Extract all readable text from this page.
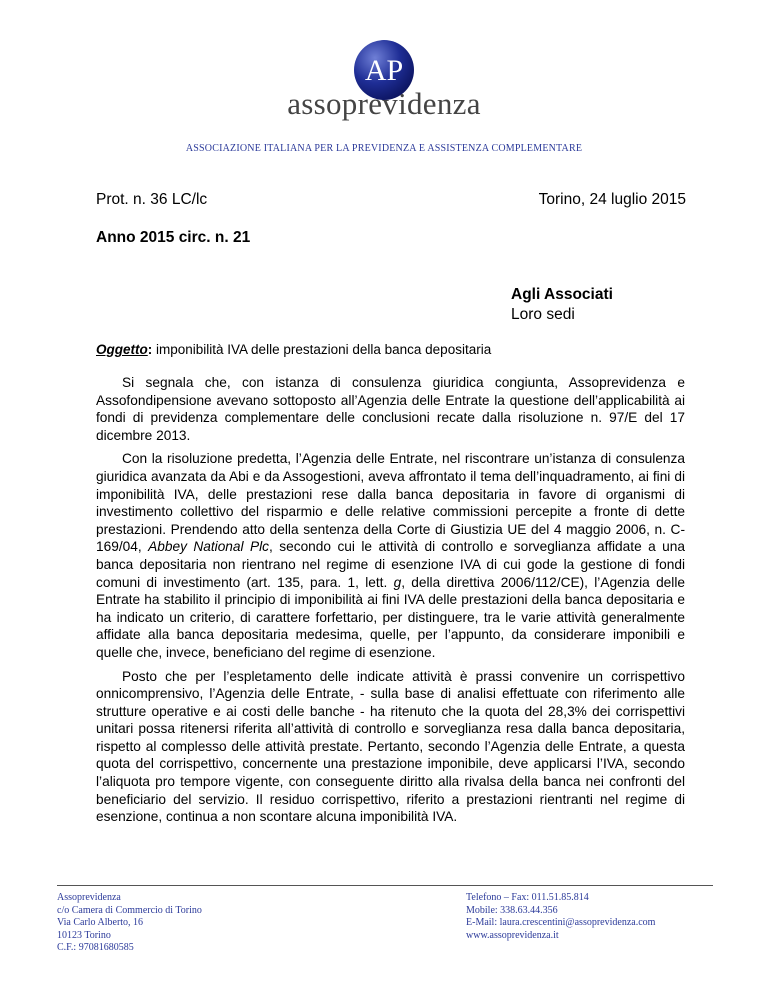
AP
assoprevidenza
ASSOCIAZIONE ITALIANA PER LA PREVIDENZA E ASSISTENZA COMPLEMENTARE
Prot. n. 36 LC/lc	Torino, 24 luglio 2015
Anno 2015 circ. n. 21
Agli Associati
Loro sedi
Oggetto: imponibilità IVA delle prestazioni della banca depositaria

Si segnala che, con istanza di consulenza giuridica congiunta, Assoprevidenza e Assofondipensione avevano sottoposto all’Agenzia delle Entrate la questione dell’applicabilità ai fondi di previdenza complementare delle conclusioni recate dalla risoluzione n. 97/E del 17 dicembre 2013.

Con la risoluzione predetta, l’Agenzia delle Entrate, nel riscontrare un’istanza di consulenza giuridica avanzata da Abi e da Assogestioni, aveva affrontato il tema dell’inquadramento, ai fini di imponibilità IVA, delle prestazioni rese dalla banca depositaria in favore di organismi di investimento collettivo del risparmio e delle relative commissioni percepite a fronte di dette prestazioni. Prendendo atto della sentenza della Corte di Giustizia UE del 4 maggio 2006, n. C-169/04, Abbey National Plc, secondo cui le attività di controllo e sorveglianza affidate a una banca depositaria non rientrano nel regime di esenzione IVA di cui gode la gestione di fondi comuni di investimento (art. 135, para. 1, lett. g, della direttiva 2006/112/CE), l’Agenzia delle Entrate ha stabilito il principio di imponibilità ai fini IVA delle prestazioni della banca depositaria e ha indicato un criterio, di carattere forfettario, per distinguere, tra le varie attività generalmente affidate alla banca depositaria medesima, quelle, per l’appunto, da considerare imponibili e quelle che, invece, beneficiano del regime di esenzione.

Posto che per l’espletamento delle indicate attività è prassi convenire un corrispettivo onnicomprensivo, l’Agenzia delle Entrate, - sulla base di analisi effettuate con riferimento alle strutture operative e ai costi delle banche - ha ritenuto che la quota del 28,3% dei corrispettivi unitari possa ritenersi riferita all’attività di controllo e sorveglianza resa dalla banca depositaria, rispetto al complesso delle attività prestate. Pertanto, secondo l’Agenzia delle Entrate, a questa quota del corrispettivo, concernente una prestazione imponibile, deve applicarsi l’IVA, secondo l’aliquota pro tempore vigente, con conseguente diritto alla rivalsa della banca nei confronti del beneficiario del servizio. Il residuo corrispettivo, riferito a prestazioni rientranti nel regime di esenzione, continua a non scontare alcuna imponibilità IVA.

Assoprevidenza
c/o Camera di Commercio di Torino
Via Carlo Alberto, 16
10123 Torino
C.F.: 97081680585
Telefono – Fax: 011.51.85.814
Mobile: 338.63.44.356
E-Mail: laura.crescentini@assoprevidenza.com
www.assoprevidenza.it
